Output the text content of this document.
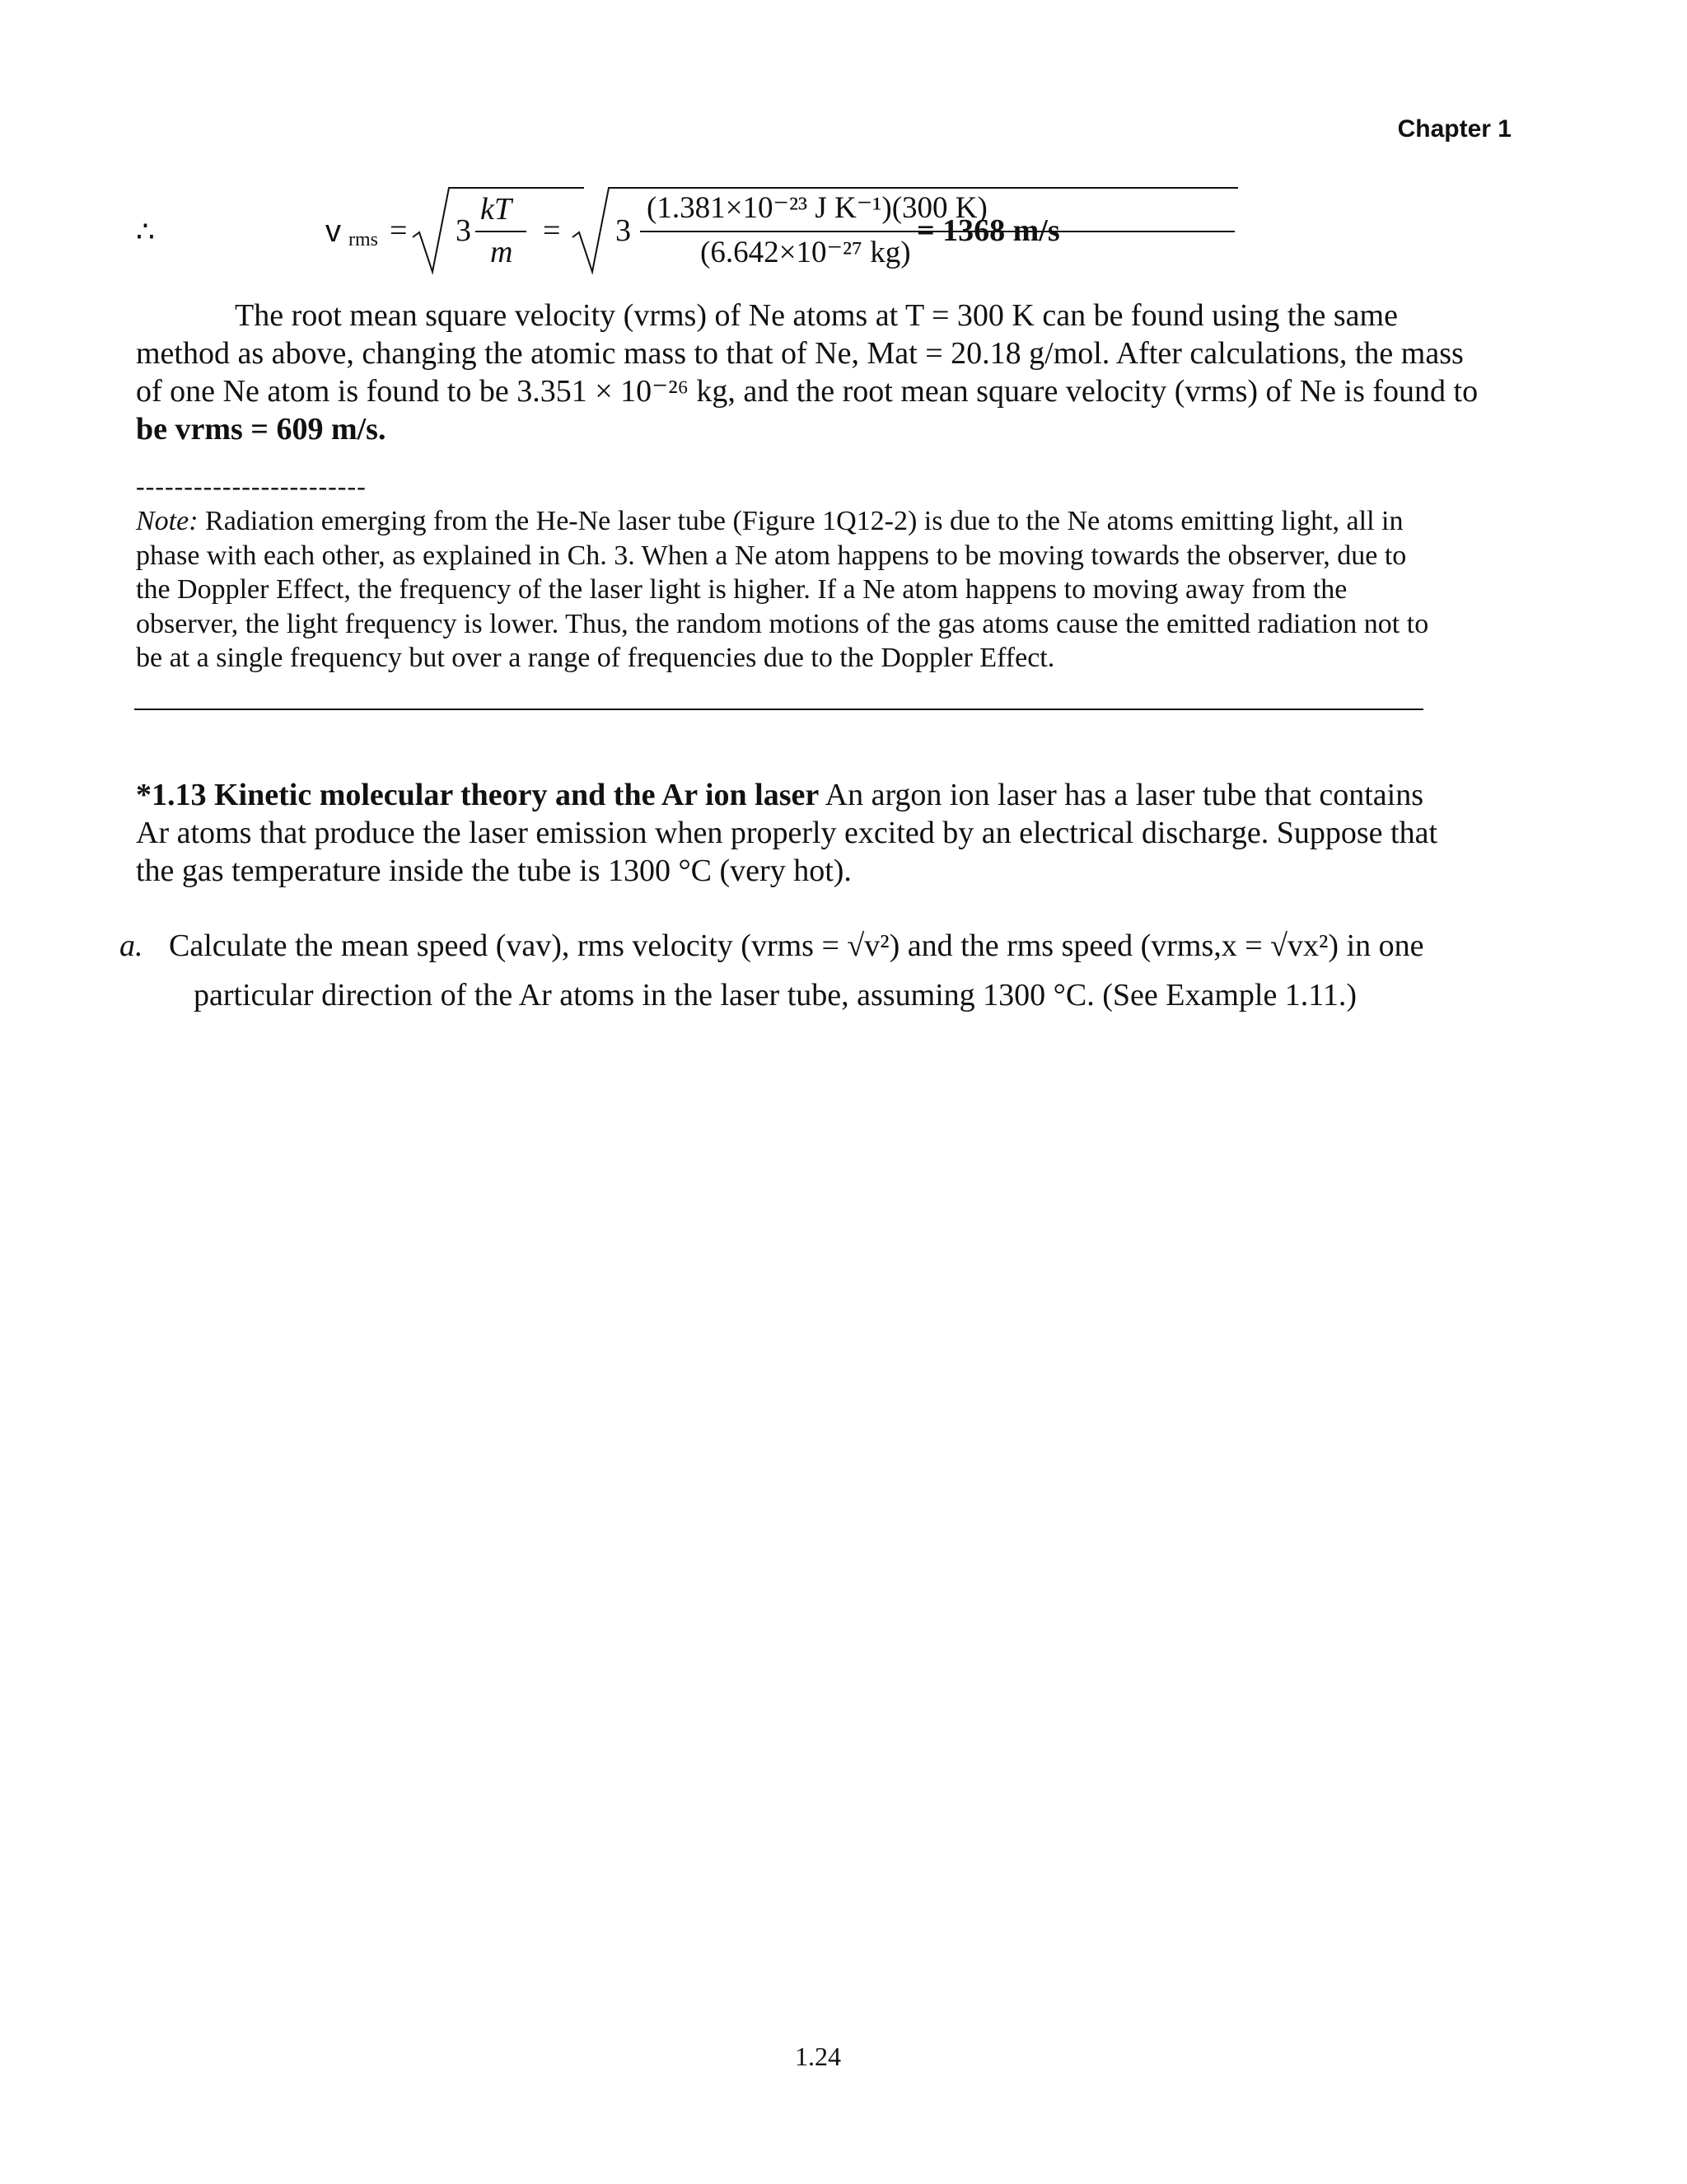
Chapter 1
∴	v rms = 3
kT
m
= 3
(1.381×10⁻²³ J K⁻¹)(300 K)
(6.642×10⁻²⁷ kg)
= 1368 m/s
The root mean square velocity (vrms) of Ne atoms at T = 300 K can be found using the same
method as above, changing the atomic mass to that of Ne, Mat = 20.18 g/mol. After calculations, the mass
of one Ne atom is found to be 3.351 × 10⁻²⁶ kg, and the root mean square velocity (vrms) of Ne is found to
be vrms = 609 m/s.
------------------------
Note: Radiation emerging from the He-Ne laser tube (Figure 1Q12-2) is due to the Ne atoms emitting light, all in
phase with each other, as explained in Ch. 3. When a Ne atom happens to be moving towards the observer, due to
the Doppler Effect, the frequency of the laser light is higher. If a Ne atom happens to moving away from the
observer, the light frequency is lower. Thus, the random motions of the gas atoms cause the emitted radiation not to
be at a single frequency but over a range of frequencies due to the Doppler Effect.
*1.13 Kinetic molecular theory and the Ar ion laser An argon ion laser has a laser tube that contains
Ar atoms that produce the laser emission when properly excited by an electrical discharge. Suppose that
the gas temperature inside the tube is 1300 °C (very hot).
a. Calculate the mean speed (vav), rms velocity (vrms = √v²) and the rms speed (vrms,x = √vx²) in one
particular direction of the Ar atoms in the laser tube, assuming 1300 °C. (See Example 1.11.)
1.24
